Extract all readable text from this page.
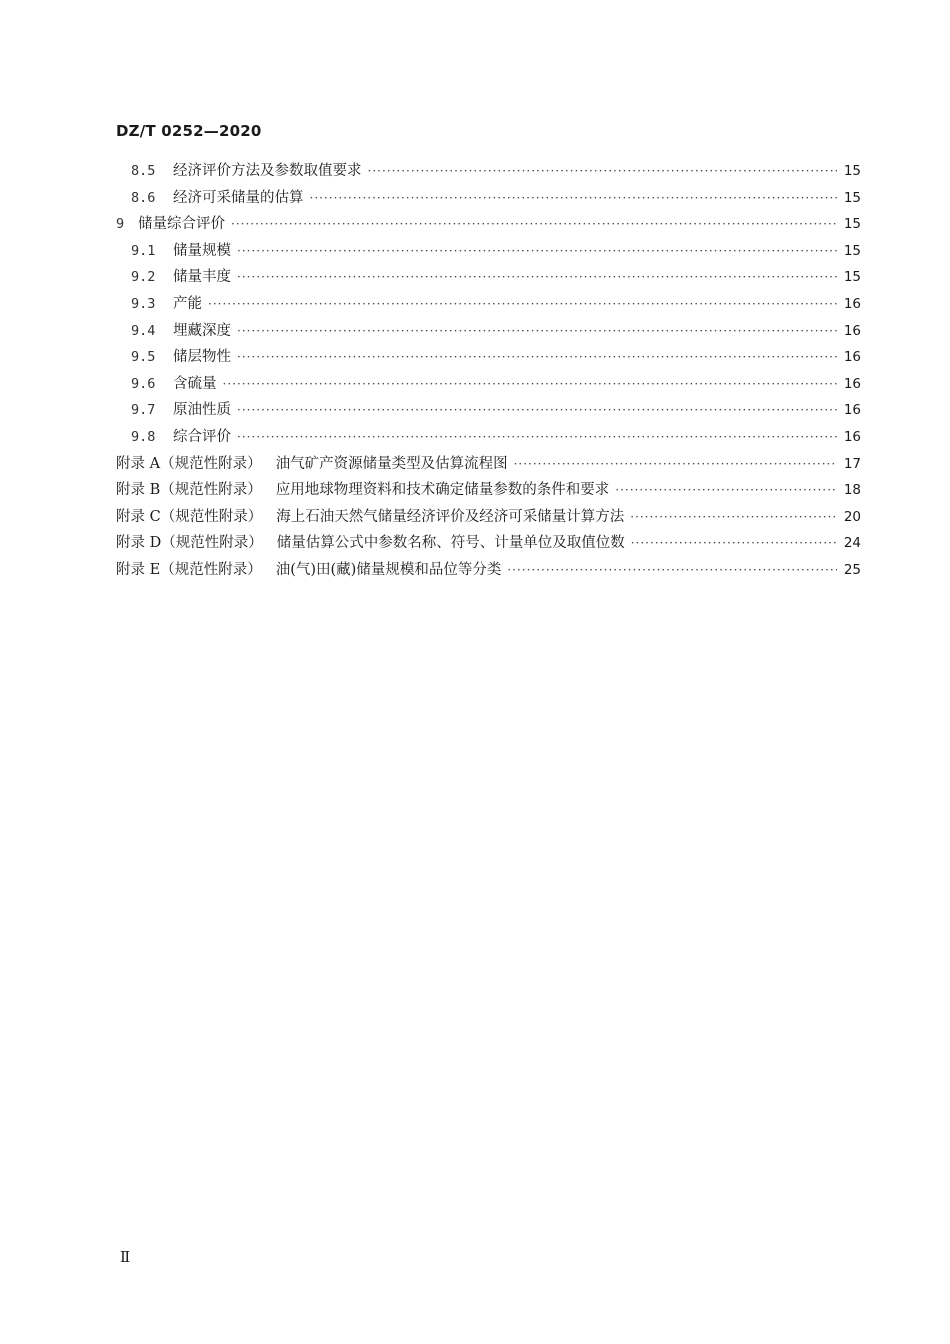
DZ/T 0252—2020
8.5	经济评价方法及参数取值要求 ·····	15
8.6	经济可采储量的估算 ·····	15
9 储量综合评价 ·····	15
9.1	储量规模 ·····	15
9.2	储量丰度 ·····	15
9.3	产能 ·····	16
9.4	埋藏深度 ·····	16
9.5	储层物性 ·····	16
9.6	含硫量 ·····	16
9.7	原油性质 ·····	16
9.8	综合评价 ·····	16
附录 A（规范性附录） 油气矿产资源储量类型及估算流程图 ·····	17
附录 B（规范性附录） 应用地球物理资料和技术确定储量参数的条件和要求 ·····	18
附录 C（规范性附录） 海上石油天然气储量经济评价及经济可采储量计算方法 ·····	20
附录 D（规范性附录） 储量估算公式中参数名称、符号、计量单位及取值位数 ·····	24
附录 E（规范性附录） 油(气)田(藏)储量规模和品位等分类 ·····	25
Ⅱ
